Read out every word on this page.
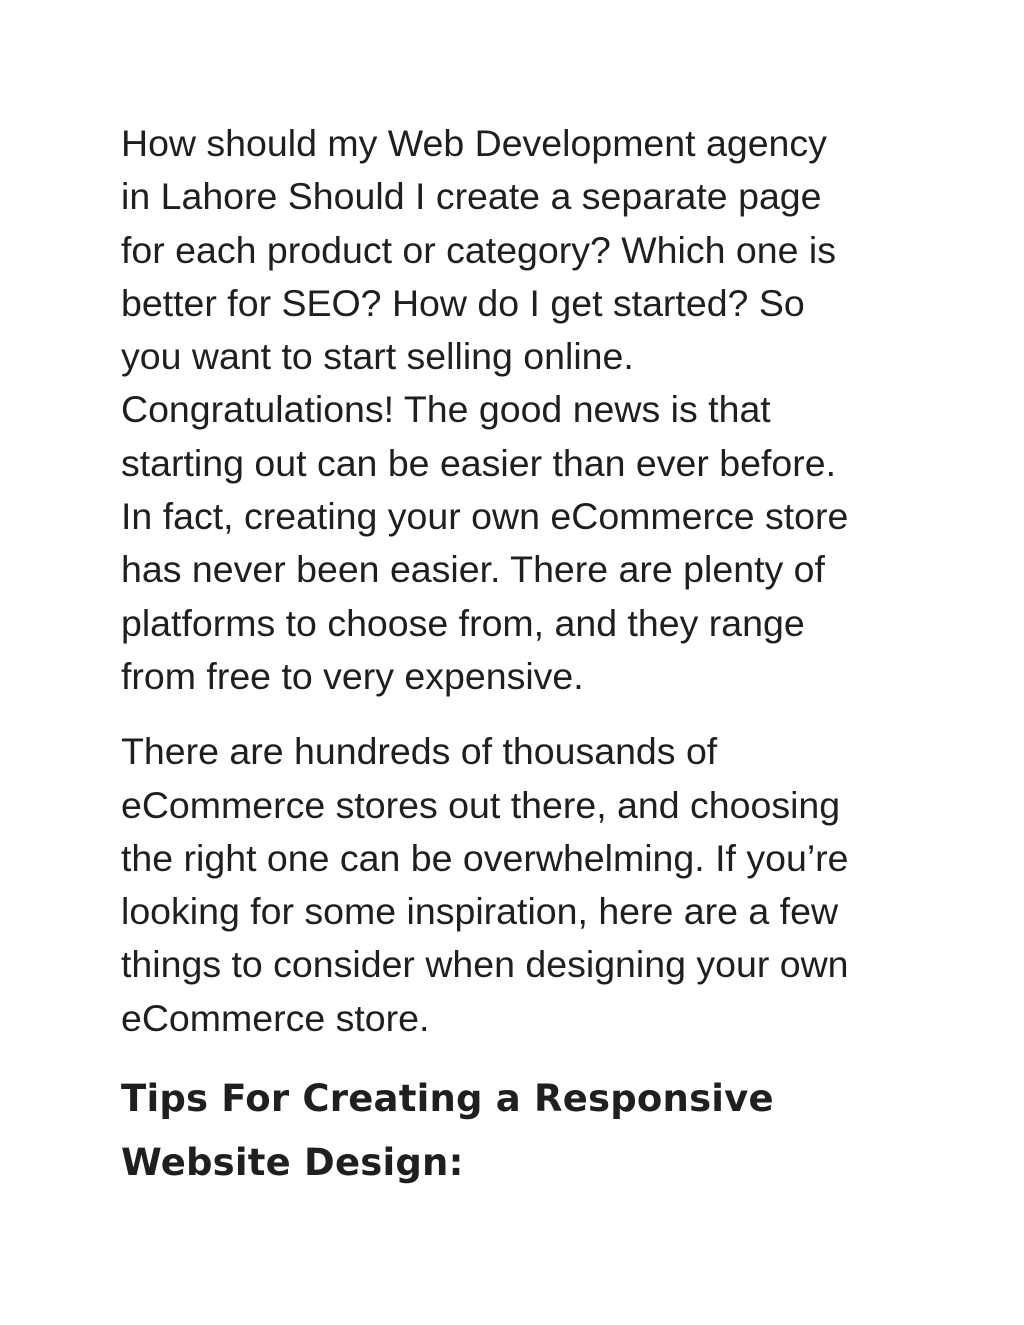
How should my Web Development agency
in Lahore Should I create a separate page
for each product or category? Which one is
better for SEO? How do I get started? So
you want to start selling online.
Congratulations! The good news is that
starting out can be easier than ever before.
In fact, creating your own eCommerce store
has never been easier. There are plenty of
platforms to choose from, and they range
from free to very expensive.

There are hundreds of thousands of
eCommerce stores out there, and choosing
the right one can be overwhelming. If you’re
looking for some inspiration, here are a few
things to consider when designing your own
eCommerce store.

Tips For Creating a Responsive
Website Design:
